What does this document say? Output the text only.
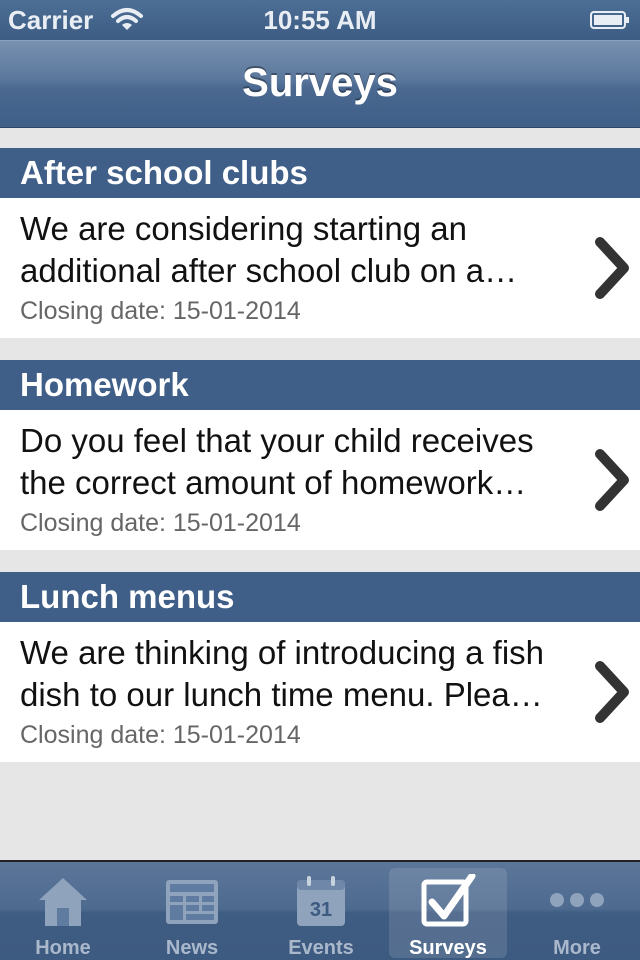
Carrier	10:55 AM
Surveys
After school clubs
We are considering starting an additional after school club on a…
Closing date: 15-01-2014
Homework
Do you feel that your child receives the correct amount of homework…
Closing date: 15-01-2014
Lunch menus
We are thinking of introducing a fish dish to our lunch time menu. Plea…
Closing date: 15-01-2014
Home	News
31
Events	Surveys	More
